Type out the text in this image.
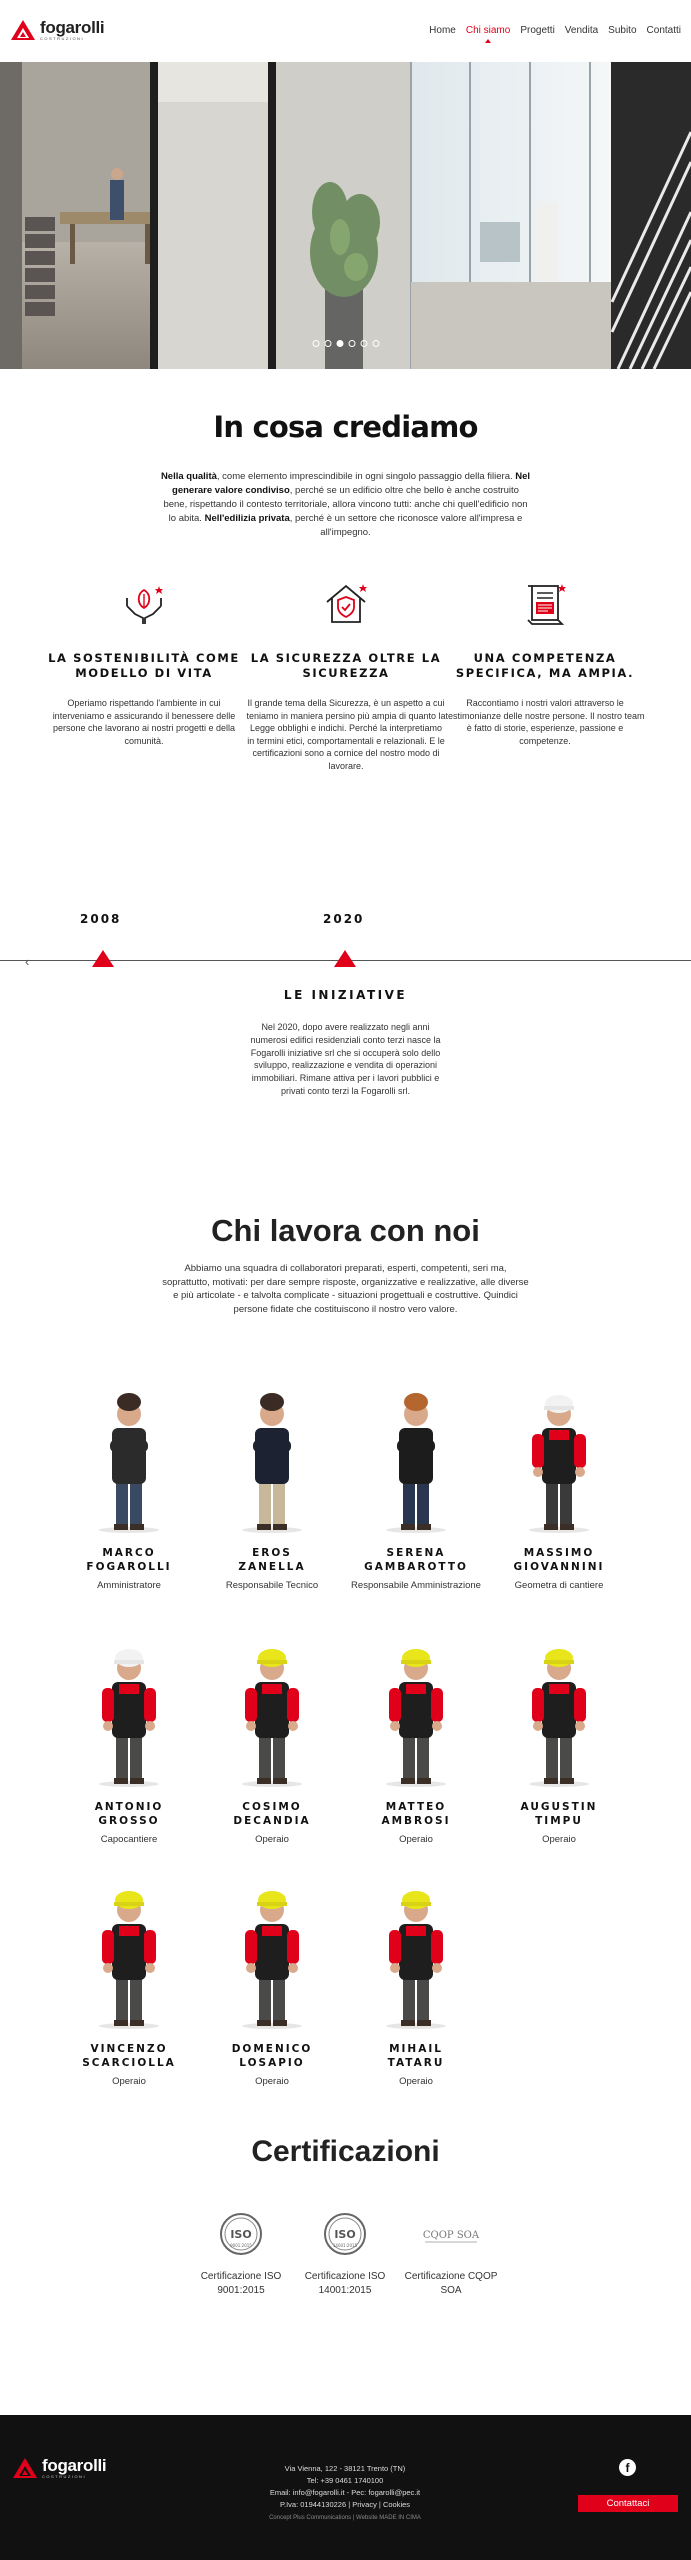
fogarolli
COSTRUZIONI
Home Chi siamo Progetti Vendita Subito Contatti
In cosa crediamo

Nella qualità, come elemento imprescindibile in ogni singolo passaggio della filiera. Nel generare valore condiviso, perché se un edificio oltre che bello è anche costruito bene, rispettando il contesto territoriale, allora vincono tutti: anche chi quell'edificio non lo abita. Nell'edilizia privata, perché è un settore che riconosce valore all'impresa e all'impegno.

LA SOSTENIBILITÀ COME MODELLO DI VITA
Operiamo rispettando l'ambiente in cui interveniamo e assicurando il benessere delle persone che lavorano ai nostri progetti e della comunità.
LA SICUREZZA OLTRE LA SICUREZZA
Il grande tema della Sicurezza, è un aspetto a cui teniamo in maniera persino più ampia di quanto la Legge obblighi e indichi. Perché la interpretiamo in termini etici, comportamentali e relazionali. E le certificazioni sono a cornice del nostro modo di lavorare.
UNA COMPETENZA SPECIFICA, MA AMPIA.
Raccontiamo i nostri valori attraverso le testimonianze delle nostre persone. Il nostro team è fatto di storie, esperienze, passione e competenze.
2008	2020
‹
LE INIZIATIVE

Nel 2020, dopo avere realizzato negli anni numerosi edifici residenziali conto terzi nasce la Fogarolli iniziative srl che si occuperà solo dello sviluppo, realizzazione e vendita di operazioni immobiliari. Rimane attiva per i lavori pubblici e privati conto terzi la Fogarolli srl.

Chi lavora con noi

Abbiamo una squadra di collaboratori preparati, esperti, competenti, seri ma, soprattutto, motivati: per dare sempre risposte, organizzative e realizzative, alle diverse e più articolate - e talvolta complicate - situazioni progettuali e costruttive. Quindici persone fidate che costituiscono il nostro vero valore.

MARCO
FOGAROLLI
Amministratore
EROS
ZANELLA
Responsabile Tecnico
SERENA
GAMBAROTTO
Responsabile Amministrazione
MASSIMO
GIOVANNINI
Geometra di cantiere
ANTONIO
GROSSO
Capocantiere
COSIMO
DECANDIA
Operaio
MATTEO
AMBROSI
Operaio
AUGUSTIN
TIMPU
Operaio
VINCENZO
SCARCIOLLA
Operaio
DOMENICO
LOSAPIO
Operaio
MIHAIL
TATARU
Operaio
Certificazioni
ISO
9001:2015
Certificazione ISO 9001:2015
ISO
14001:2015
Certificazione ISO 14001:2015
CQOP SOA
Certificazione CQOP SOA
fogarolli
COSTRUZIONI
Via Vienna, 122 - 38121 Trento (TN)
Tel: +39 0461 1740100
Email: info@fogarolli.it - Pec: fogarolli@pec.it
P.Iva: 01944130226 | Privacy | Cookies
Concept Plus Communications | Website MADE IN CIMA
f
Contattaci
